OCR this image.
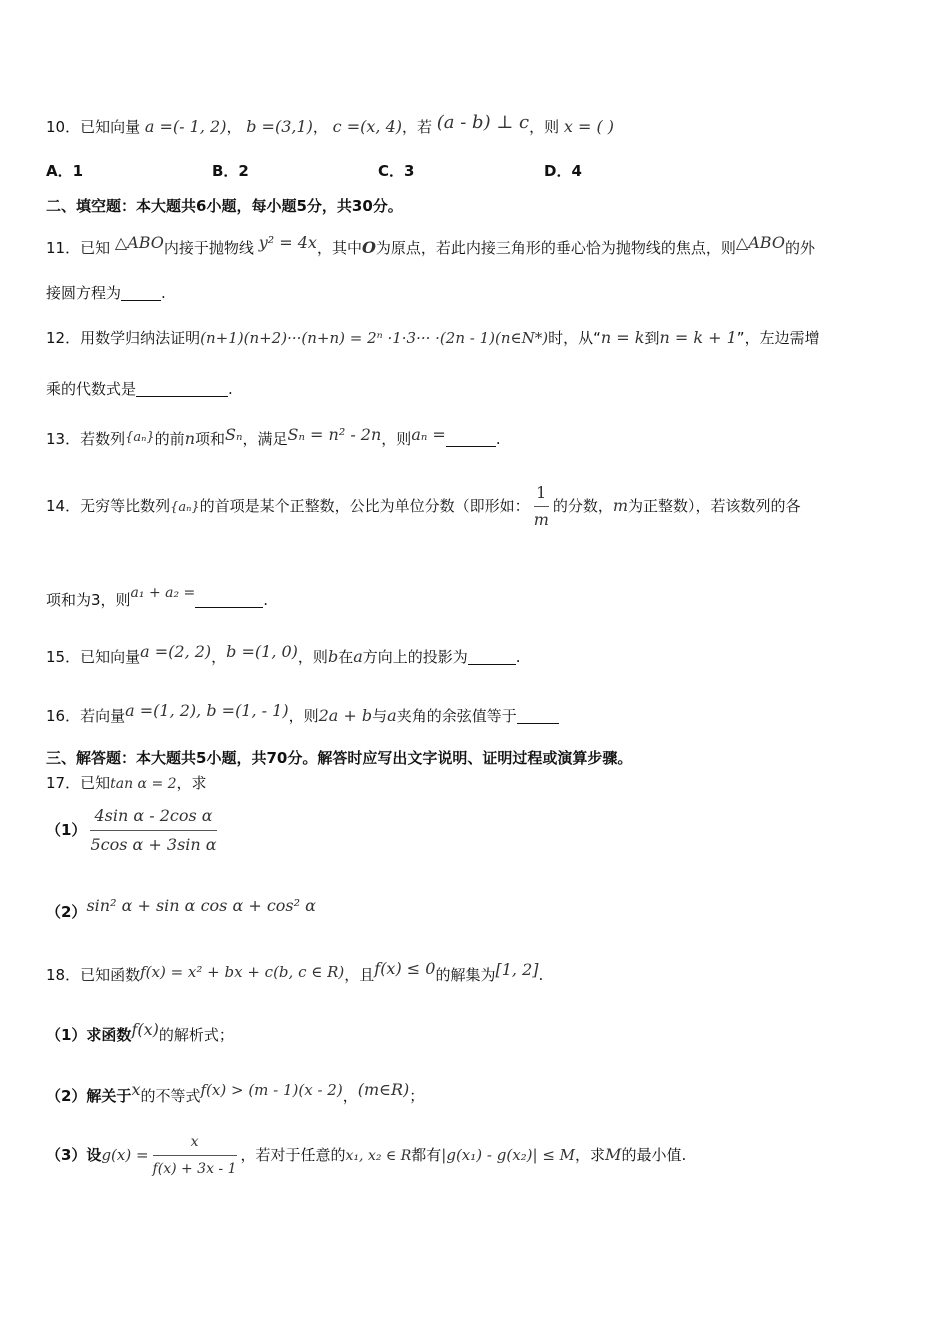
10．已知向量 a =(- 1, 2)， b =(3,1)， c =(x, 4)，若 (a - b) ⊥ c，则 x = ( )
A．1	B．2	C．3	D．4
二、填空题：本大题共6小题，每小题5分，共30分。
11．已知 △ABO内接于抛物线 y² = 4x，其中O为原点，若此内接三角形的垂心恰为抛物线的焦点，则△ABO的外
接圆方程为	.
12．用数学归纳法证明(n+1)(n+2)···(n+n) = 2ⁿ ·1·3··· ·(2n - 1)(n∈N*)时，从“n = k到n = k + 1”，左边需增
乘的代数式是	.
13．若数列{aₙ}的前n项和Sₙ，满足Sₙ = n² - 2n，则aₙ =	.
14．无穷等比数列{aₙ}的首项是某个正整数，公比为单位分数（即形如： $\frac{1}{m}$ 的分数，m为正整数），若该数列的各
项和为3，则a₁ + a₂ =	.
15．已知向量a =(2, 2)，b =(1, 0)，则b在a方向上的投影为	.
16．若向量a =(1, 2), b =(1, - 1)，则2a + b与a夹角的余弦值等于
三、解答题：本大题共5小题，共70分。解答时应写出文字说明、证明过程或演算步骤。
17．已知tan α = 2，求
$(1) \frac{\text{4sin α - 2cos α}}{\text{5cos α + 3sin α}}$
（2）sin² α + sin α cos α + cos² α
18．已知函数f(x) = x² + bx + c(b, c ∈ R)，且f(x) ≤ 0的解集为[1, 2].
（1）求函数f(x)的解析式；
（2）解关于x的不等式f(x) > (m - 1)(x - 2)，(m∈R)；
（3）设$g(x) = \frac{x}{f(x) + 3x - 1}$ ，若对于任意的x₁, x₂ ∈ R都有|g(x₁) - g(x₂)| ≤ M，求M的最小值.
